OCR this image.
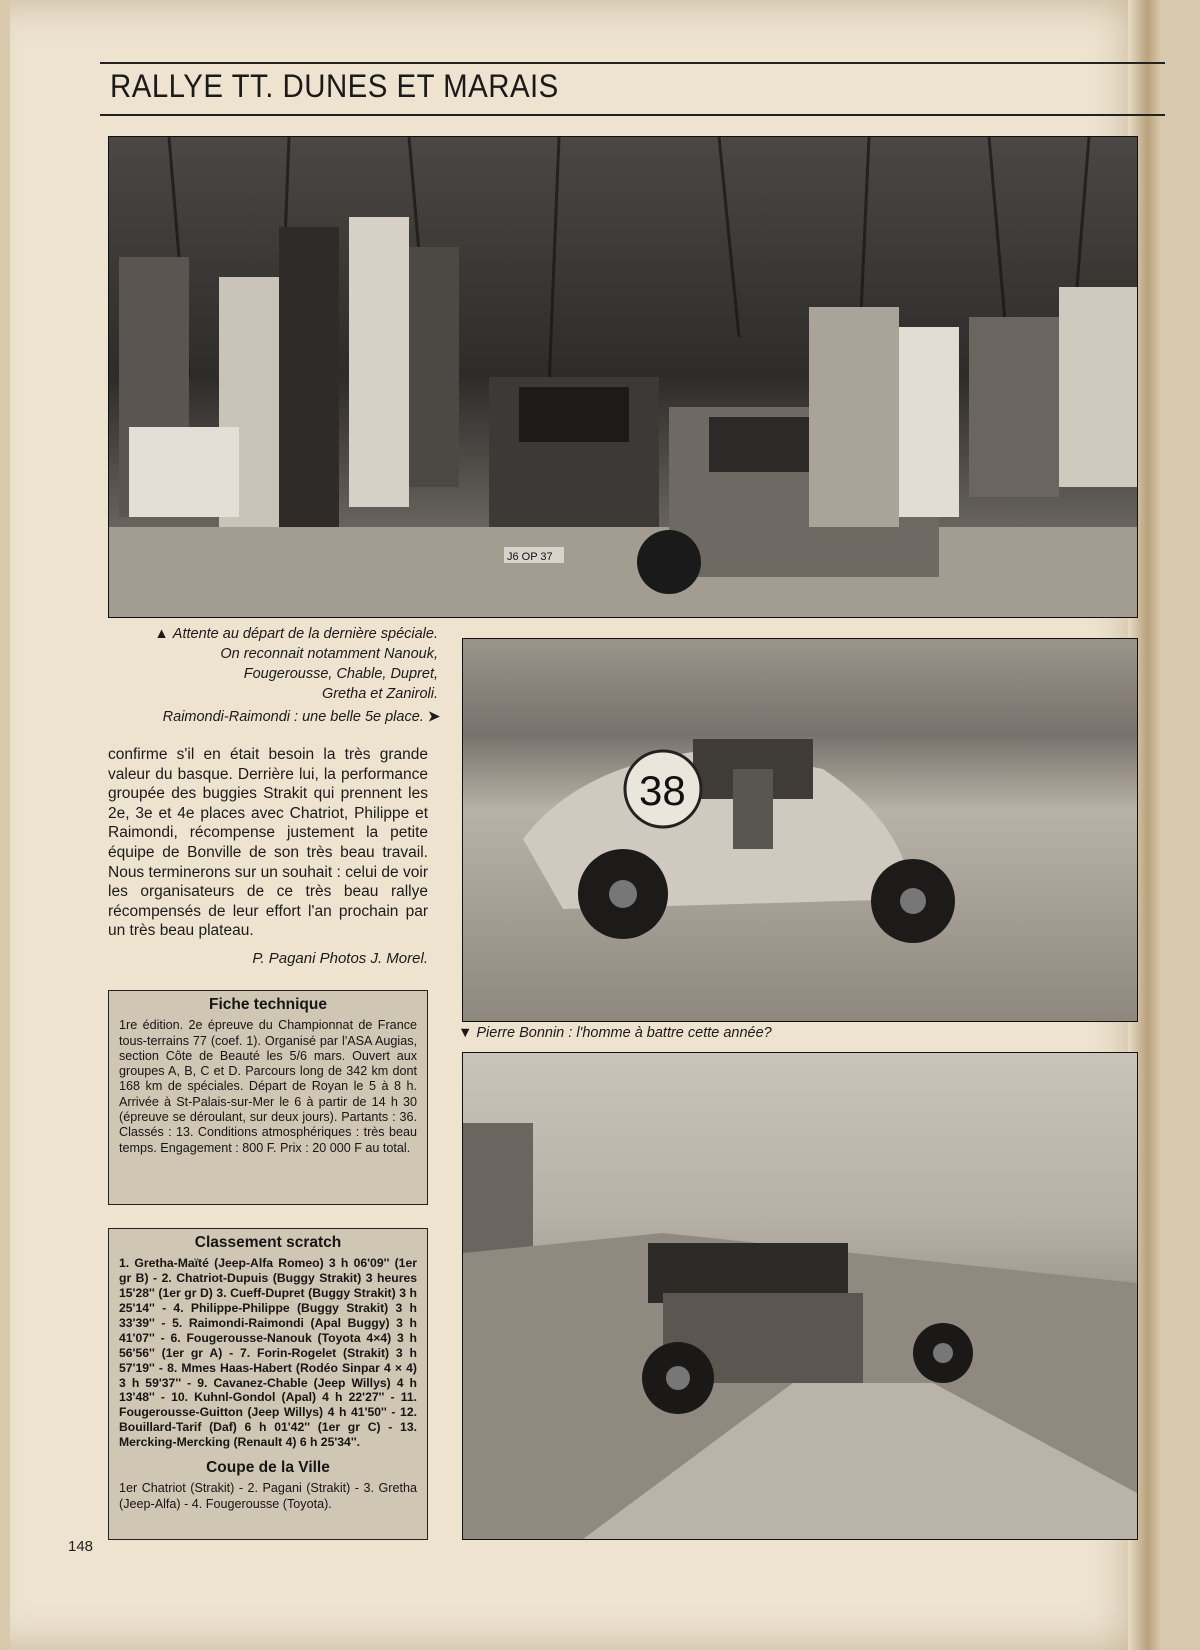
RALLYE TT. DUNES ET MARAIS
J6 OP 37
▲ Attente au départ de la dernière spéciale.
On reconnait notamment Nanouk,
Fougerousse, Chable, Dupret,
Gretha et Zaniroli.
Raimondi-Raimondi : une belle 5e place. ➤
38
▼ Pierre Bonnin : l'homme à battre cette année?
confirme s'il en était besoin la très grande valeur du basque. Derrière lui, la performance groupée des buggies Strakit qui prennent les 2e, 3e et 4e places avec Chatriot, Philippe et Raimondi, récompense justement la petite équipe de Bonville de son très beau travail. Nous terminerons sur un souhait : celui de voir les organisateurs de ce très beau rallye récompensés de leur effort l'an prochain par un très beau plateau.
P. Pagani Photos J. Morel.
Fiche technique

1re édition. 2e épreuve du Championnat de France tous-terrains 77 (coef. 1). Organisé par l'ASA Augias, section Côte de Beauté les 5/6 mars. Ouvert aux groupes A, B, C et D. Parcours long de 342 km dont 168 km de spéciales. Départ de Royan le 5 à 8 h. Arrivée à St-Palais-sur-Mer le 6 à partir de 14 h 30 (épreuve se déroulant, sur deux jours). Partants : 36. Classés : 13. Conditions atmosphériques : très beau temps. Engagement : 800 F. Prix : 20 000 F au total.

Classement scratch

1. Gretha-Maïté (Jeep-Alfa Romeo) 3 h 06'09'' (1er gr B) - 2. Chatriot-Dupuis (Buggy Strakit) 3 heures 15'28'' (1er gr D) 3. Cueff-Dupret (Buggy Strakit) 3 h 25'14'' - 4. Philippe-Philippe (Buggy Strakit) 3 h 33'39'' - 5. Raimondi-Raimondi (Apal Buggy) 3 h 41'07'' - 6. Fougerousse-Nanouk (Toyota 4×4) 3 h 56'56'' (1er gr A) - 7. Forin-Rogelet (Strakit) 3 h 57'19'' - 8. Mmes Haas-Habert (Rodéo Sinpar 4 × 4) 3 h 59'37'' - 9. Cavanez-Chable (Jeep Willys) 4 h 13'48'' - 10. Kuhnl-Gondol (Apal) 4 h 22'27'' - 11. Fougerousse-Guitton (Jeep Willys) 4 h 41'50'' - 12. Bouillard-Tarif (Daf) 6 h 01'42'' (1er gr C) - 13. Mercking-Mercking (Renault 4) 6 h 25'34''.

Coupe de la Ville

1er Chatriot (Strakit) - 2. Pagani (Strakit) - 3. Gretha (Jeep-Alfa) - 4. Fougerousse (Toyota).

148
